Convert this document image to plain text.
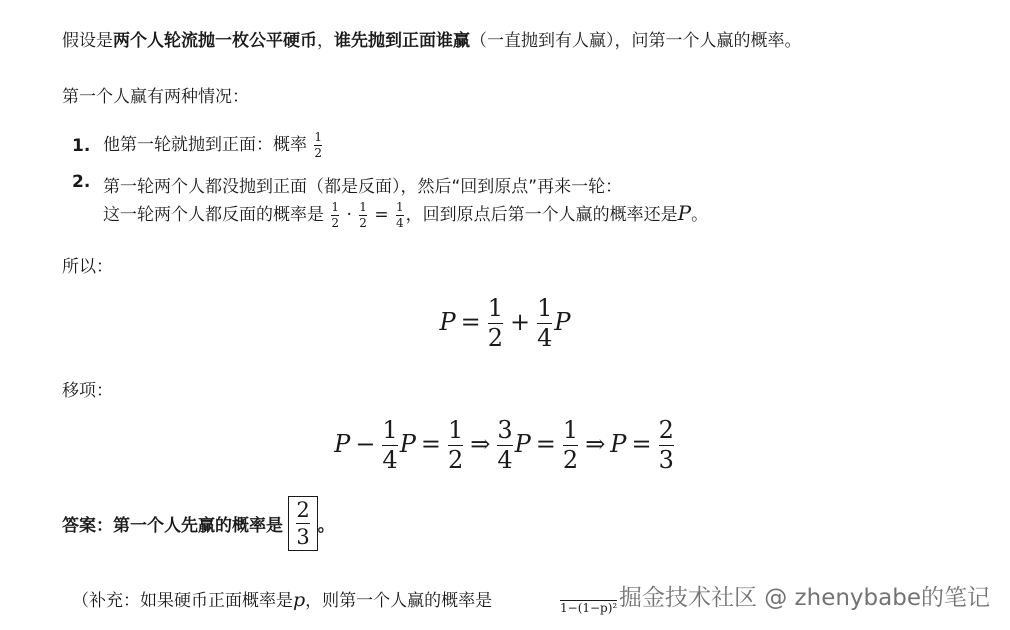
假设是两个人轮流抛一枚公平硬币，谁先抛到正面谁赢（一直抛到有人赢），问第一个人赢的概率。
第一个人赢有两种情况：
1. 他第一轮就抛到正面：概率 $\frac{1}{2}$
2. 第一轮两个人都没抛到正面（都是反面），然后“回到原点”再来一轮：
这一轮两个人都反面的概率是 $\frac{1}{2} \cdot \frac{1}{2} = \frac{1}{4}$ ，回到原点后第一个人赢的概率还是P。
所以：
$P = \frac{1}{2} + \frac{1}{4}$ P
移项：
$P - \frac{1}{4}$ $P = \frac{1}{2}$ ⇒ $\frac{3}{4}$ $P = \frac{1}{2}$ ⇒ $P = \frac{2}{3}$
答案：第一个人先赢的概率是 $\frac{2}{3}$ 。
（补充：如果硬币正面概率是p，则第一个人赢的概率是
	1−(1−p)² 掘金技术社区 @ zhenybabe的笔记
